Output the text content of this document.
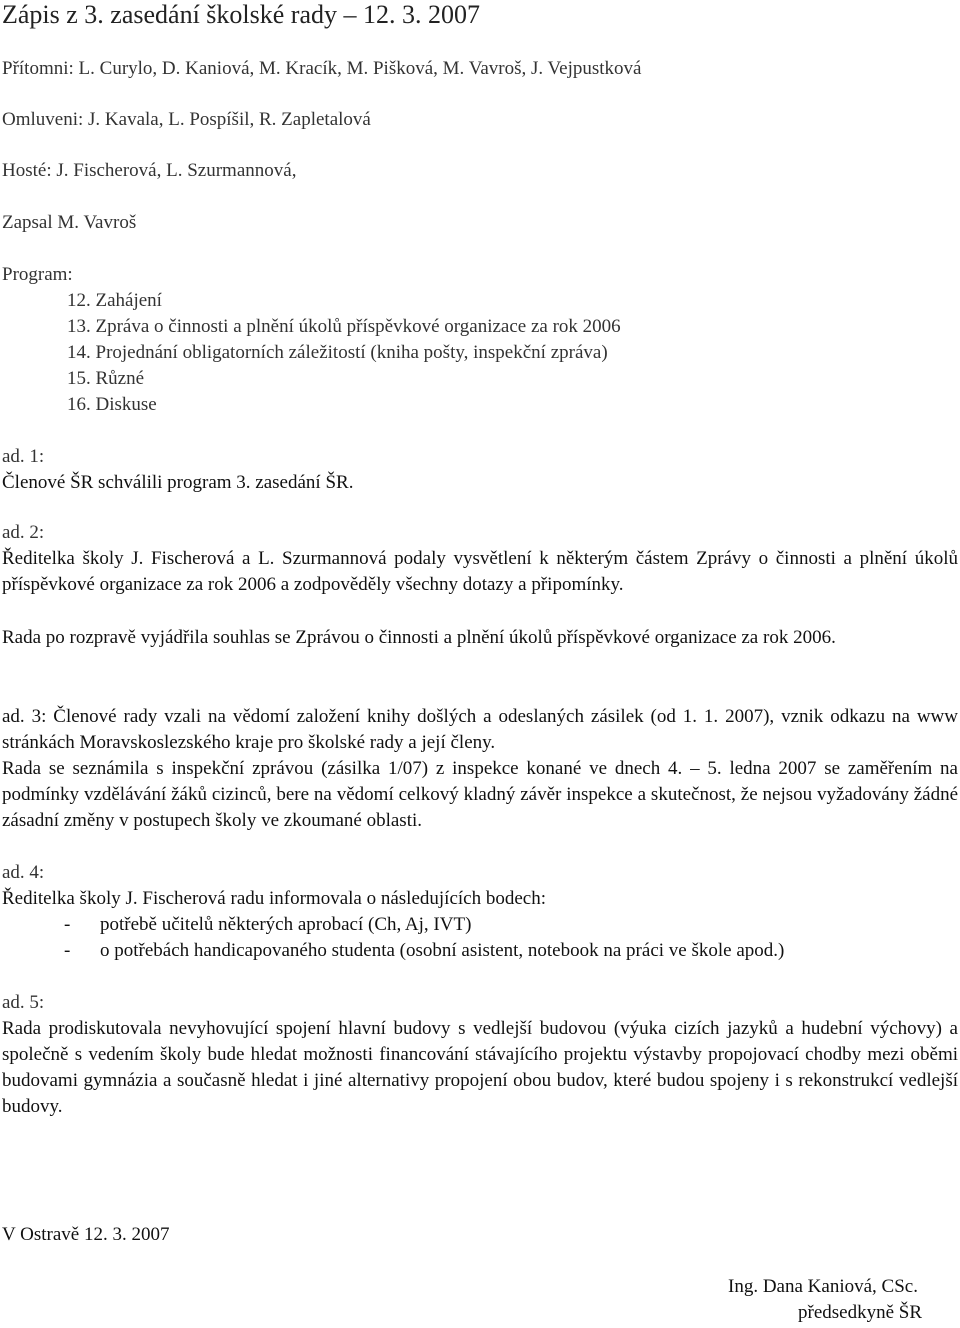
Zápis z 3. zasedání školské rady – 12. 3. 2007
Přítomni: L. Curylo, D. Kaniová, M. Kracík, M. Pišková, M. Vavroš, J. Vejpustková
Omluveni: J. Kavala, L. Pospíšil, R. Zapletalová
Hosté: J. Fischerová, L. Szurmannová,
Zapsal M. Vavroš
Program:
12. Zahájení
13. Zpráva o činnosti a plnění úkolů příspěvkové organizace za rok 2006
14. Projednání obligatorních záležitostí (kniha pošty, inspekční zpráva)
15. Různé
16. Diskuse
ad. 1:
Členové ŠR schválili program 3. zasedání ŠR.
ad. 2:
Ředitelka školy J. Fischerová a L. Szurmannová podaly vysvětlení k některým částem Zprávy o činnosti a plnění úkolů příspěvkové organizace za rok 2006 a zodpověděly všechny dotazy a připomínky.
Rada po rozpravě vyjádřila souhlas se Zprávou o činnosti a plnění úkolů příspěvkové organizace za rok 2006.
ad. 3: Členové rady vzali na vědomí založení knihy došlých a odeslaných zásilek (od 1. 1. 2007), vznik odkazu na www stránkách Moravskoslezského kraje pro školské rady a její členy.
Rada se seznámila s inspekční zprávou (zásilka 1/07) z inspekce konané ve dnech 4. – 5. ledna 2007 se zaměřením na podmínky vzdělávání žáků cizinců, bere na vědomí celkový kladný závěr inspekce a skutečnost, že nejsou vyžadovány žádné zásadní změny v postupech školy ve zkoumané oblasti.
ad. 4:
Ředitelka školy J. Fischerová radu informovala o následujících bodech:
- potřebě učitelů některých aprobací (Ch, Aj, IVT)
- o potřebách handicapovaného studenta (osobní asistent, notebook na práci ve škole apod.)
ad. 5:
Rada prodiskutovala nevyhovující spojení hlavní budovy s vedlejší budovou (výuka cizích jazyků a hudební výchovy) a společně s vedením školy bude hledat možnosti financování stávajícího projektu výstavby propojovací chodby mezi oběmi budovami gymnázia a současně hledat i jiné alternativy propojení obou budov, které budou spojeny i s rekonstrukcí vedlejší budovy.
V Ostravě 12. 3. 2007
Ing. Dana Kaniová, CSc.
předsedkyně ŠR
